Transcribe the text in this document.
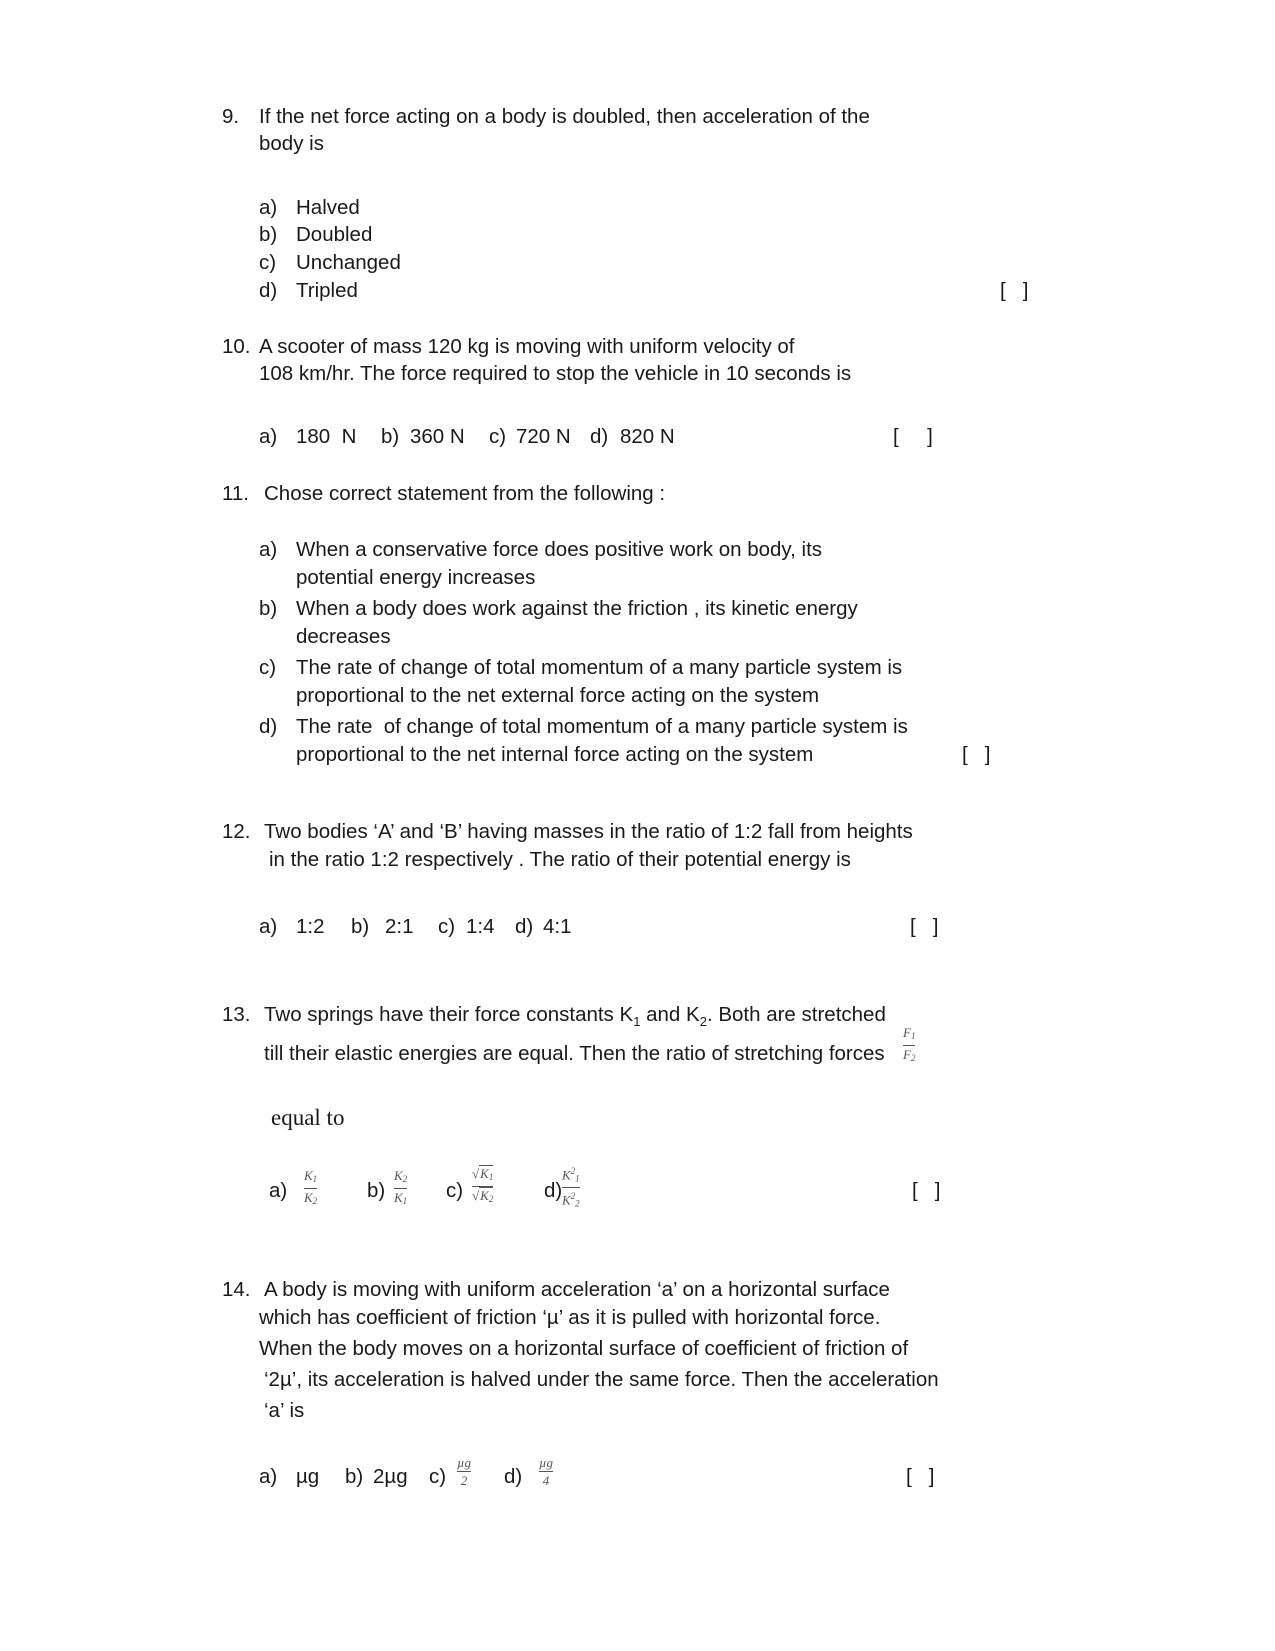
9. If the net force acting on a body is doubled, then acceleration of the
body is
a) Halved
b) Doubled
c) Unchanged
d) Tripled	[   ]
10. A scooter of mass 120 kg is moving with uniform velocity of
108 km/hr. The force required to stop the vehicle in 10 seconds is
a) 180  N b) 360 N c) 720 N d) 820 N	[     ]
11. Chose correct statement from the following :
a) When a conservative force does positive work on body, its
potential energy increases
b) When a body does work against the friction , its kinetic energy
decreases
c) The rate of change of total momentum of a many particle system is
proportional to the net external force acting on the system
d) The rate  of change of total momentum of a many particle system is
proportional to the net internal force acting on the system	[   ]
12. Two bodies ‘A’ and ‘B’ having masses in the ratio of 1:2 fall from heights
in the ratio 1:2 respectively . The ratio of their potential energy is
a) 1:2 b) 2:1 c) 1:4 d) 4:1	[   ]
13. Two springs have their force constants $K_1$ and $K_2$. Both are stretched
till their elastic energies are equal. Then the ratio of stretching forces $\frac{F_1}{F_2}$
equal to
$a) \frac{K_1}{K_2} b) \frac{K_2}{K_1} c) \frac{√K_1}{√K_2} d) \frac{K^2_1}{K^2_2}$	[   ]
14. A body is moving with uniform acceleration ‘a’ on a horizontal surface
which has coefficient of friction ‘µ’ as it is pulled with horizontal force.
When the body moves on a horizontal surface of coefficient of friction of
‘2µ’, its acceleration is halved under the same force. Then the acceleration
‘a’ is
a) µg b) 2µg $c) \frac{\text{µg}}{2} d) \frac{\text{µg}}{4}$	[   ]
